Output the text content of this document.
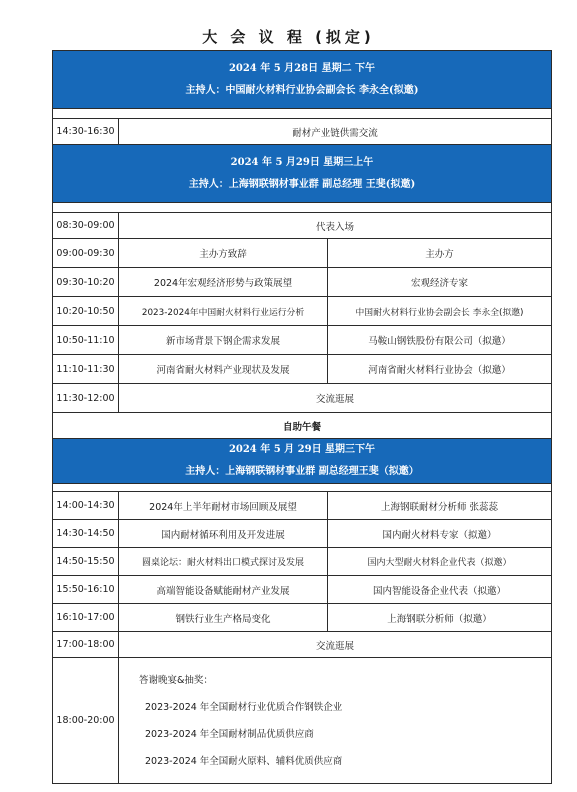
大 会 议 程 (拟定)
2024 年 5 月28日 星期二 下午
主持人：中国耐火材料行业协会副会长 李永全(拟邀)		

14:30-16:30	耐材产业链供需交流	

2024 年 5 月29日 星期三上午
主持人：上海钢联钢材事业群 副总经理 王斐(拟邀)		

08:30-09:00	代表入场	
09:00-09:30	主办方致辞	主办方
09:30-10:20	2024年宏观经济形势与政策展望	宏观经济专家
10:20-10:50	2023-2024年中国耐火材料行业运行分析	中国耐火材料行业协会副会长 李永全(拟邀)
10:50-11:10	新市场背景下钢企需求发展	马鞍山钢铁股份有限公司（拟邀）
11:10-11:30	河南省耐火材料产业现状及发展	河南省耐火材料行业协会（拟邀）
11:30-12:00	交流逛展	
自助午餐		

2024 年 5 月 29日 星期三下午
主持人：上海钢联钢材事业群 副总经理王斐（拟邀）		

14:00-14:30	2024年上半年耐材市场回顾及展望	上海钢联耐材分析师 张蕊蕊
14:30-14:50	国内耐材循环利用及开发进展	国内耐火材料专家（拟邀）
14:50-15:50	圆桌论坛：耐火材料出口模式探讨及发展	国内大型耐火材料企业代表（拟邀）
15:50-16:10	高端智能设备赋能耐材产业发展	国内智能设备企业代表（拟邀）
16:10-17:00	钢铁行业生产格局变化	上海钢联分析师（拟邀）
17:00-18:00	交流逛展	
18:00-20:00	答谢晚宴&抽奖：
2023-2024 年全国耐材行业优质合作钢铁企业
2023-2024 年全国耐材制品优质供应商
2023-2024 年全国耐火原料、辅料优质供应商	
